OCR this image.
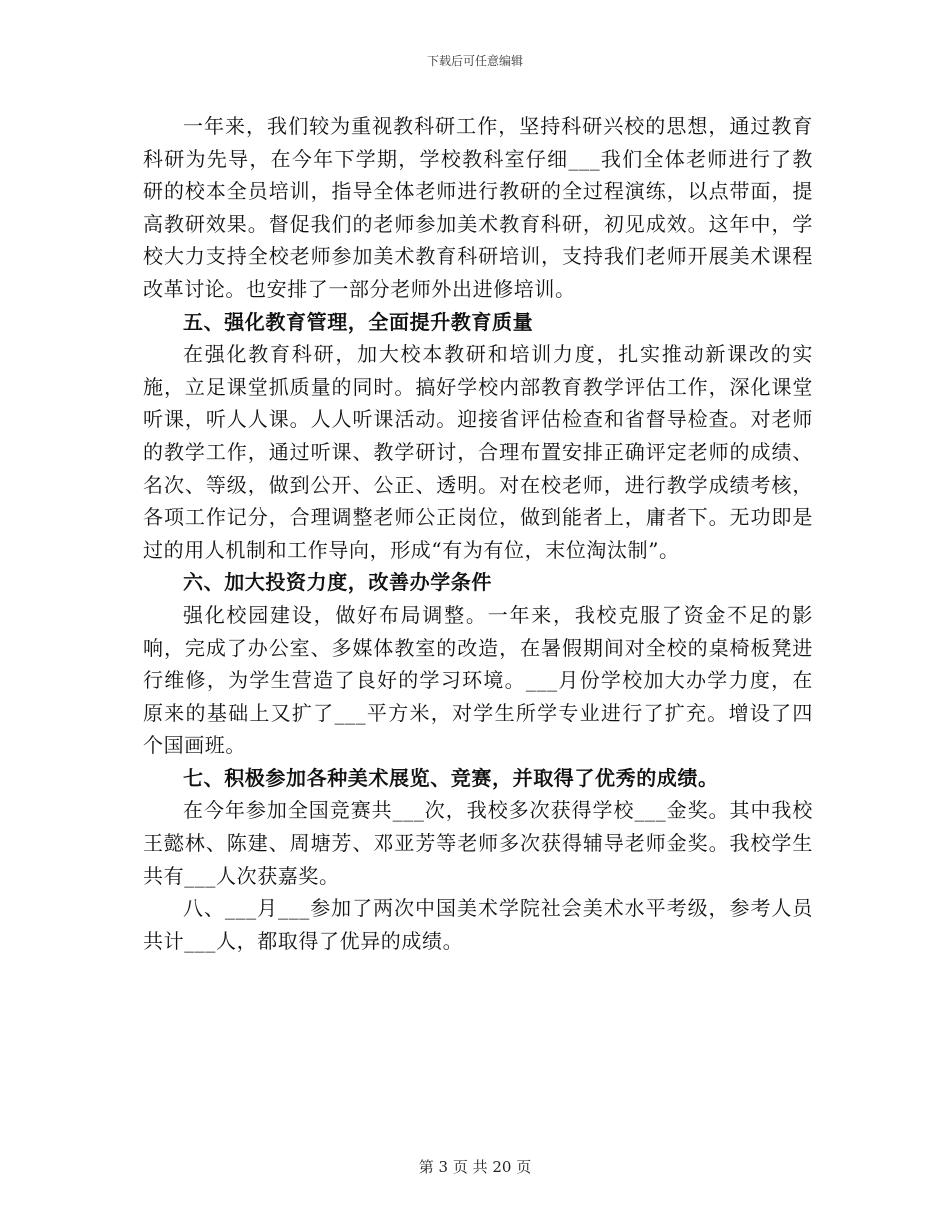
下载后可任意编辑

一年来，我们较为重视教科研工作，坚持科研兴校的思想，通过教育科研为先导，在今年下学期，学校教科室仔细___我们全体老师进行了教研的校本全员培训，指导全体老师进行教研的全过程演练，以点带面，提高教研效果。督促我们的老师参加美术教育科研，初见成效。这年中，学校大力支持全校老师参加美术教育科研培训，支持我们老师开展美术课程改革讨论。也安排了一部分老师外出进修培训。

五、强化教育管理，全面提升教育质量

在强化教育科研，加大校本教研和培训力度，扎实推动新课改的实施，立足课堂抓质量的同时。搞好学校内部教育教学评估工作，深化课堂听课，听人人课。人人听课活动。迎接省评估检查和省督导检查。对老师的教学工作，通过听课、教学研讨，合理布置安排正确评定老师的成绩、名次、等级，做到公开、公正、透明。对在校老师，进行教学成绩考核，各项工作记分，合理调整老师公正岗位，做到能者上，庸者下。无功即是过的用人机制和工作导向，形成“有为有位，末位淘汰制”。

六、加大投资力度，改善办学条件

强化校园建设，做好布局调整。一年来，我校克服了资金不足的影响，完成了办公室、多媒体教室的改造，在暑假期间对全校的桌椅板凳进行维修，为学生营造了良好的学习环境。___月份学校加大办学力度，在原来的基础上又扩了___平方米，对学生所学专业进行了扩充。增设了四个国画班。

七、积极参加各种美术展览、竞赛，并取得了优秀的成绩。

在今年参加全国竞赛共___次，我校多次获得学校___金奖。其中我校王懿林、陈建、周塘芳、邓亚芳等老师多次获得辅导老师金奖。我校学生共有___人次获嘉奖。

八、___月___参加了两次中国美术学院社会美术水平考级，参考人员共计___人，都取得了优异的成绩。

第 3 页 共 20 页
